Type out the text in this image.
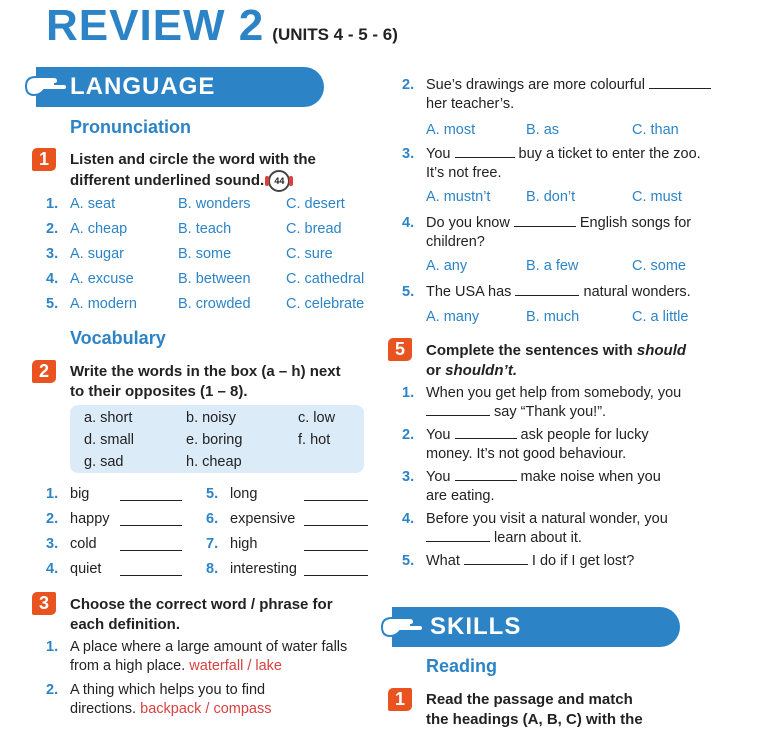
REVIEW 2 (UNITS 4 - 5 - 6)
LANGUAGE
Pronunciation
1	Listen and circle the word with the
different underlined sound. 44
1. A. seat	B. wonders C. desert
2. A. cheap	B. teach	C. bread
3. A. sugar	B. some	C. sure
4. A. excuse	B. between C. cathedral
5. A. modern	B. crowded C. celebrate
Vocabulary
2	Write the words in the box (a – h) next
to their opposites (1 – 8).
a. short	b. noisy	c. low
d. small	e. boring	f. hot
g. sad	h. cheap
1. big	5. long
2. happy	6. expensive
3. cold	7. high
4. quiet	8. interesting
3	Choose the correct word / phrase for
each definition.
1. A place where a large amount of water falls
from a high place. waterfall / lake
2. A thing which helps you to find
directions. backpack / compass
2. Sue’s drawings are more colourful
her teacher’s.
A. most	B. as	C. than
3. You	buy a ticket to enter the zoo.
It’s not free.
A. mustn’t B. don’t	C. must
4. Do you know	English songs for
children?
A. any	B. a few	C. some
5. The USA has	natural wonders.
A. many	B. much	C. a little
5	Complete the sentences with should
or shouldn’t.
1. When you get help from somebody, you
say “Thank you!”.
2. You	ask people for lucky
money. It’s not good behaviour.
3. You	make noise when you
are eating.
4. Before you visit a natural wonder, you
learn about it.
5. What	I do if I get lost?
SKILLS
Reading
1	Read the passage and match
the headings (A, B, C) with the
